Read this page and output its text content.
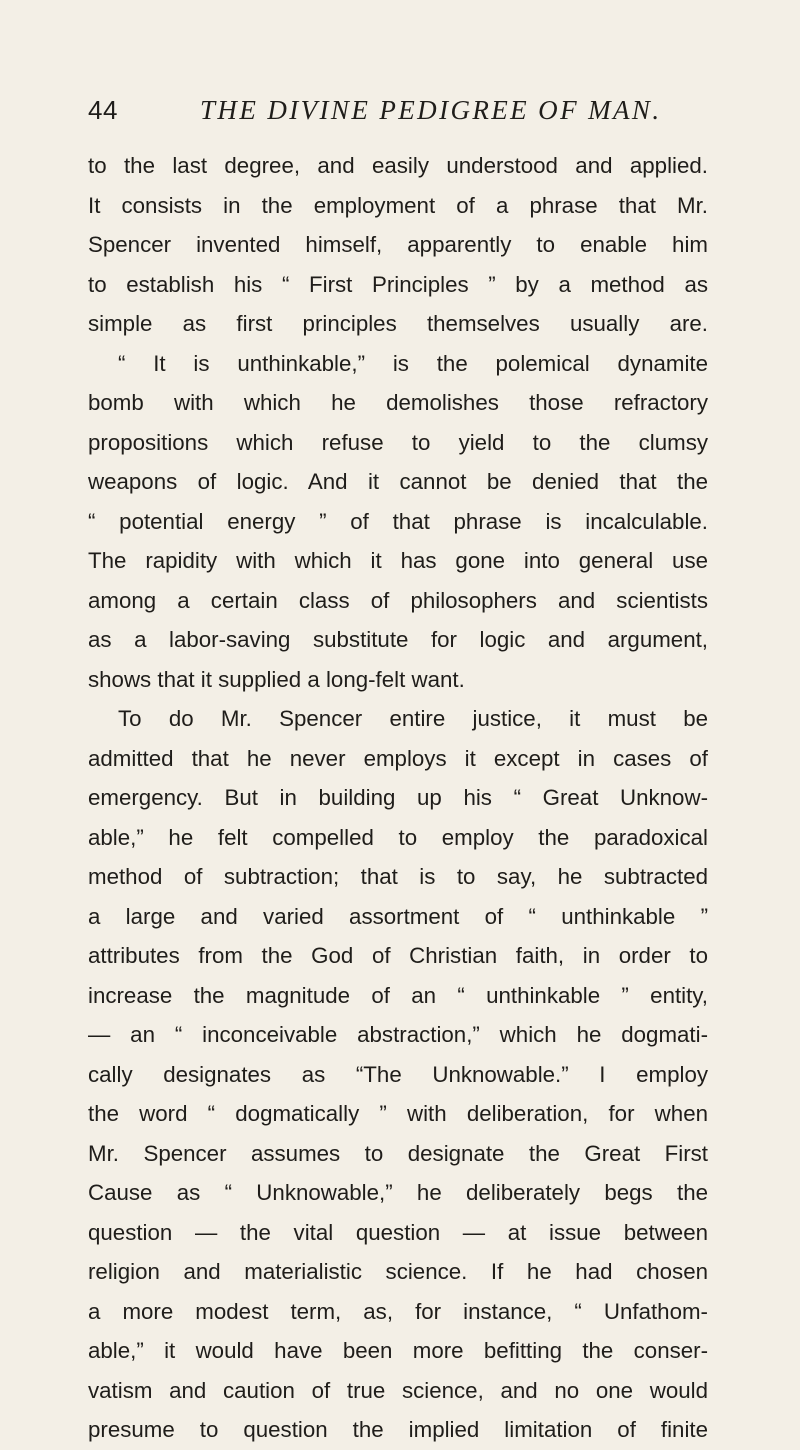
44	THE DIVINE PEDIGREE OF MAN.
to the last degree, and easily understood and applied.
It consists in the employment of a phrase that Mr.
Spencer invented himself, apparently to enable him
to establish his “ First Principles ” by a method as
simple as first principles themselves usually are.
“ It is unthinkable,” is the polemical dynamite
bomb with which he demolishes those refractory
propositions which refuse to yield to the clumsy
weapons of logic. And it cannot be denied that the
“ potential energy ” of that phrase is incalculable.
The rapidity with which it has gone into general use
among a certain class of philosophers and scientists
as a labor-saving substitute for logic and argument,
shows that it supplied a long-felt want.
To do Mr. Spencer entire justice, it must be
admitted that he never employs it except in cases of
emergency. But in building up his “ Great Unknow-
able,” he felt compelled to employ the paradoxical
method of subtraction; that is to say, he subtracted
a large and varied assortment of “ unthinkable ”
attributes from the God of Christian faith, in order to
increase the magnitude of an “ unthinkable ” entity,
— an “ inconceivable abstraction,” which he dogmati-
cally designates as “The Unknowable.” I employ
the word “ dogmatically ” with deliberation, for when
Mr. Spencer assumes to designate the Great First
Cause as “ Unknowable,” he deliberately begs the
question — the vital question — at issue between
religion and materialistic science. If he had chosen
a more modest term, as, for instance, “ Unfathom-
able,” it would have been more befitting the conser-
vatism and caution of true science, and no one would
presume to question the implied limitation of finite
